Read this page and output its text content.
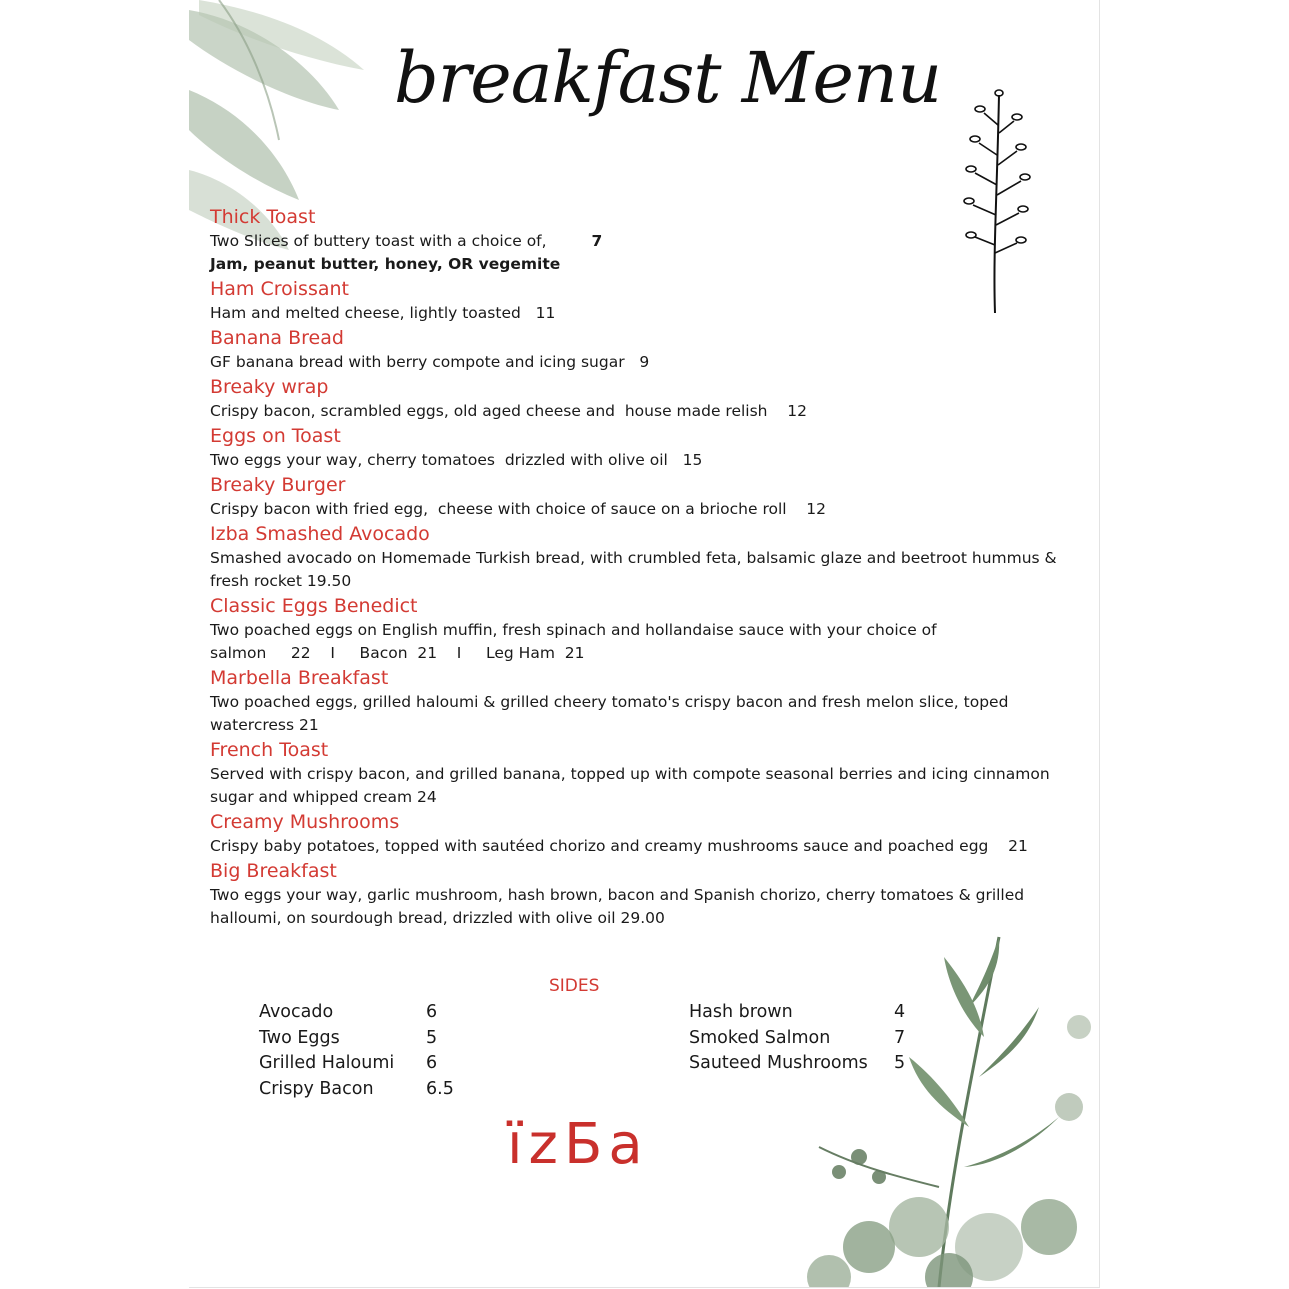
breakfast Menu
Thick Toast
Two Slices of buttery toast with a choice of,	7
Jam, peanut butter, honey, OR vegemite
Ham Croissant
Ham and melted cheese, lightly toasted   11
Banana Bread
GF banana bread with berry compote and icing sugar   9
Breaky wrap
Crispy bacon, scrambled eggs, old aged cheese and  house made relish    12
Eggs on Toast
Two eggs your way, cherry tomatoes  drizzled with olive oil   15
Breaky Burger
Crispy bacon with fried egg,  cheese with choice of sauce on a brioche roll    12
Izba Smashed Avocado
Smashed avocado on Homemade Turkish bread, with crumbled feta, balsamic glaze and beetroot hummus & fresh rocket 19.50
Classic Eggs Benedict
Two poached eggs on English muffin, fresh spinach and hollandaise sauce with your choice of
salmon     22    I     Bacon  21    I     Leg Ham  21
Marbella Breakfast
Two poached eggs, grilled haloumi & grilled cheery tomato's crispy bacon and fresh melon slice, toped watercress 21
French Toast
Served with crispy bacon, and grilled banana, topped up with compote seasonal berries and icing cinnamon sugar and whipped cream 24
Creamy Mushrooms
Crispy baby potatoes, topped with sautéed chorizo and creamy mushrooms sauce and poached egg    21
Big Breakfast
Two eggs your way, garlic mushroom, hash brown, bacon and Spanish chorizo, cherry tomatoes & grilled halloumi, on sourdough bread, drizzled with olive oil 29.00
SIDES
Avocado	6
Two Eggs	5
Grilled Haloumi 6
Crispy Bacon	6.5
Hash brown	4
Smoked Salmon	7
Sauteed Mushrooms 5
ïzБa
